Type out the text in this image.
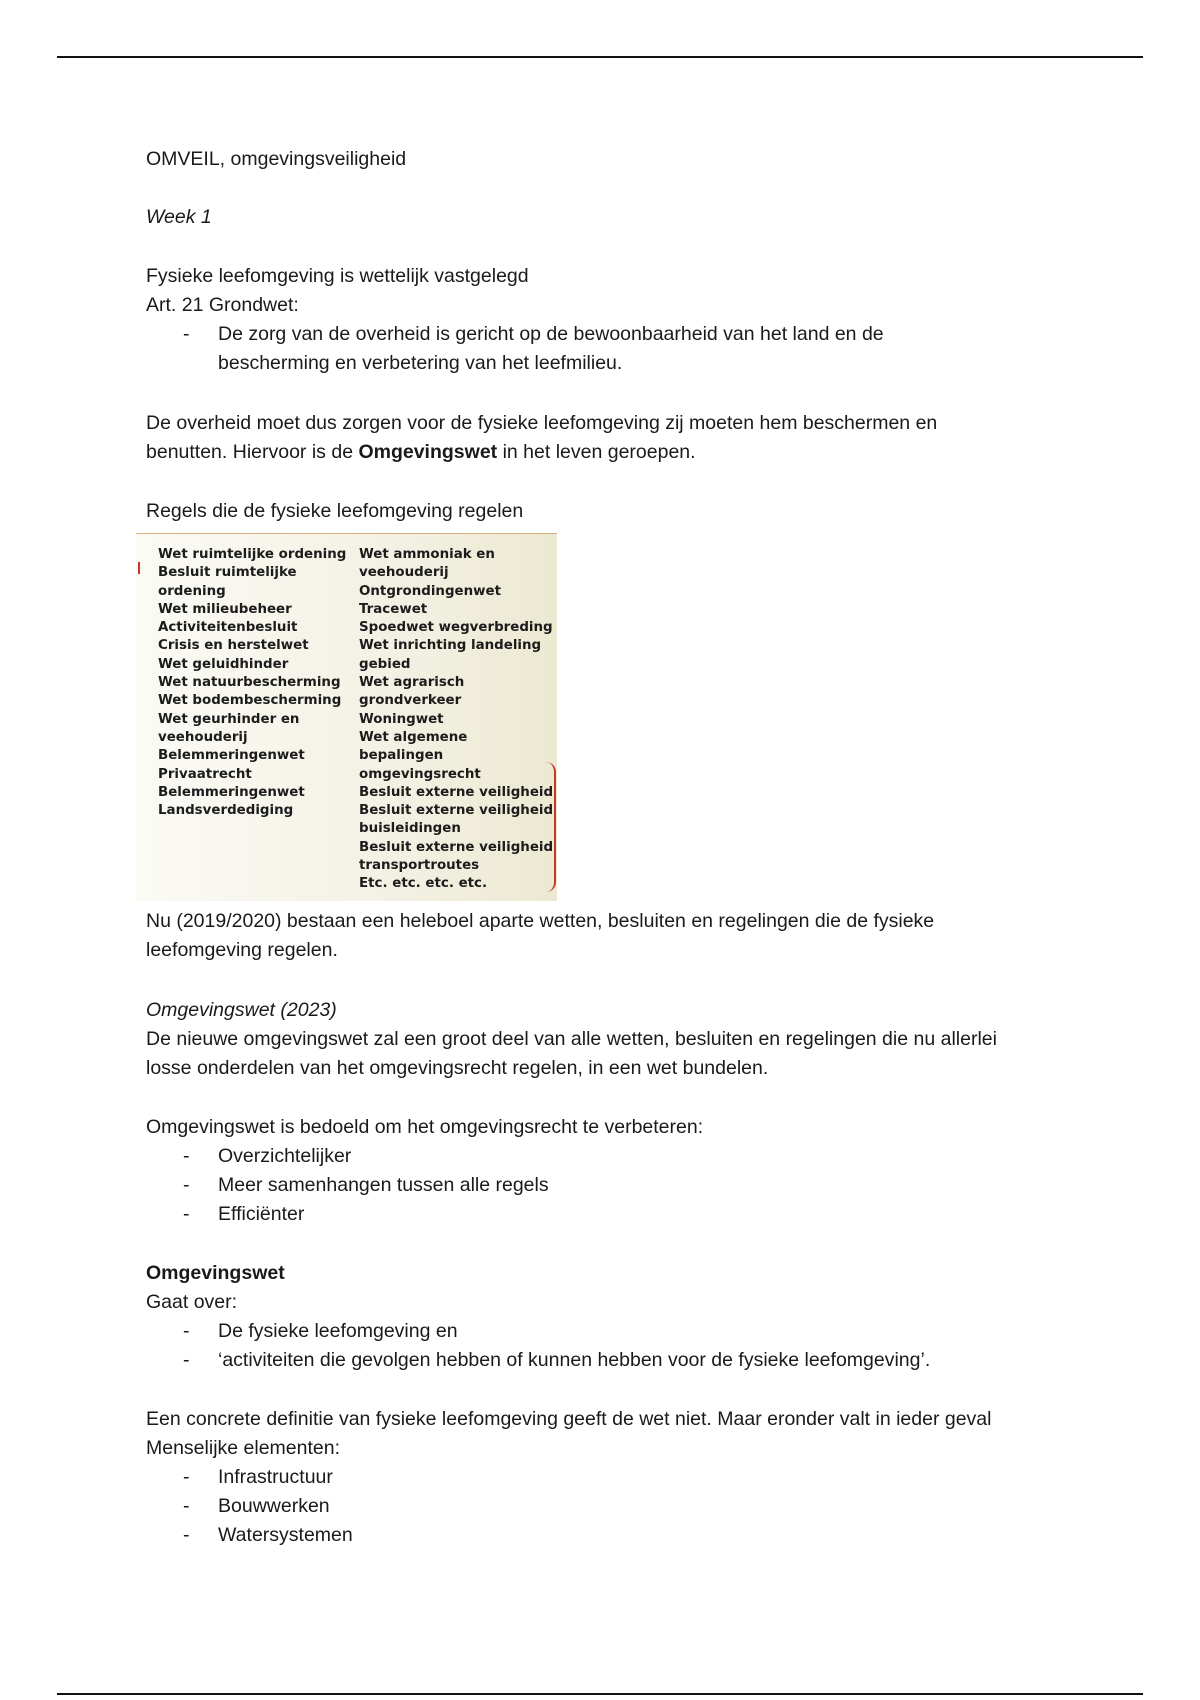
OMVEIL, omgevingsveiligheid

Week 1

Fysieke leefomgeving is wettelijk vastgelegd

Art. 21 Grondwet:

- De zorg van de overheid is gericht op de bewoonbaarheid van het land en de bescherming en verbetering van het leefmilieu.

De overheid moet dus zorgen voor de fysieke leefomgeving zij moeten hem beschermen en benutten. Hiervoor is de Omgevingswet in het leven geroepen.

Regels die de fysieke leefomgeving regelen

Nu (2019/2020) bestaan een heleboel aparte wetten, besluiten en regelingen die de fysieke leefomgeving regelen.

Omgevingswet (2023)

De nieuwe omgevingswet zal een groot deel van alle wetten, besluiten en regelingen die nu allerlei losse onderdelen van het omgevingsrecht regelen, in een wet bundelen.

Omgevingswet is bedoeld om het omgevingsrecht te verbeteren:

- Overzichtelijker
- Meer samenhangen tussen alle regels
- Efficiënter

Omgevingswet

Gaat over:

- De fysieke leefomgeving en
- ‘activiteiten die gevolgen hebben of kunnen hebben voor de fysieke leefomgeving’.

Een concrete definitie van fysieke leefomgeving geeft de wet niet. Maar eronder valt in ieder geval

Menselijke elementen:

- Infrastructuur
- Bouwwerken
- Watersystemen
Wet ruimtelijke ordening
Besluit ruimtelijke
ordening
Wet milieubeheer
Activiteitenbesluit
Crisis en herstelwet
Wet geluidhinder
Wet natuurbescherming
Wet bodembescherming
Wet geurhinder en
veehouderij
Belemmeringenwet
Privaatrecht
Belemmeringenwet
Landsverdediging
Wet ammoniak en
veehouderij
Ontgrondingenwet
Tracewet
Spoedwet wegverbreding
Wet inrichting landeling
gebied
Wet agrarisch
grondverkeer
Woningwet
Wet algemene
bepalingen
omgevingsrecht
Besluit externe veiligheid
Besluit externe veiligheid
buisleidingen
Besluit externe veiligheid
transportroutes
Etc. etc. etc. etc.
